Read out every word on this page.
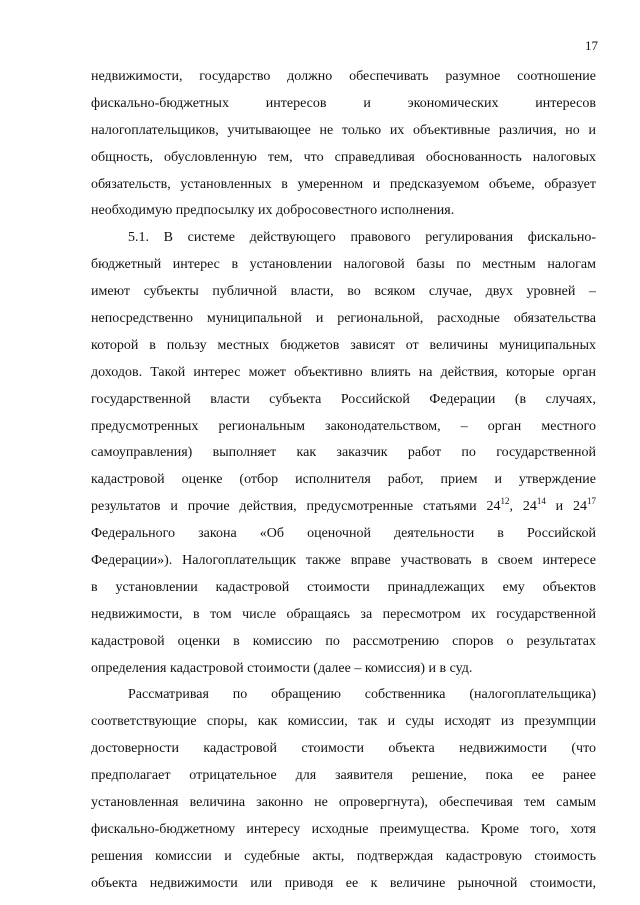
17
недвижимости, государство должно обеспечивать разумное соотношение
фискально-бюджетных интересов и экономических интересов
налогоплательщиков, учитывающее не только их объективные различия, но и
общность, обусловленную тем, что справедливая обоснованность налоговых
обязательств, установленных в умеренном и предсказуемом объеме, образует
необходимую предпосылку их добросовестного исполнения.
5.1. В системе действующего правового регулирования фискально-
бюджетный интерес в установлении налоговой базы по местным налогам
имеют субъекты публичной власти, во всяком случае, двух уровней –
непосредственно муниципальной и региональной, расходные обязательства
которой в пользу местных бюджетов зависят от величины муниципальных
доходов. Такой интерес может объективно влиять на действия, которые орган
государственной власти субъекта Российской Федерации (в случаях,
предусмотренных региональным законодательством, – орган местного
самоуправления) выполняет как заказчик работ по государственной
кадастровой оценке (отбор исполнителя работ, прием и утверждение
результатов и прочие действия, предусмотренные статьями $24^{12}$, $24^{14}$ и $24^{17}$
Федерального закона «Об оценочной деятельности в Российской
Федерации»). Налогоплательщик также вправе участвовать в своем интересе
в установлении кадастровой стоимости принадлежащих ему объектов
недвижимости, в том числе обращаясь за пересмотром их государственной
кадастровой оценки в комиссию по рассмотрению споров о результатах
определения кадастровой стоимости (далее – комиссия) и в суд.
Рассматривая по обращению собственника (налогоплательщика)
соответствующие споры, как комиссии, так и суды исходят из презумпции
достоверности кадастровой стоимости объекта недвижимости (что
предполагает отрицательное для заявителя решение, пока ее ранее
установленная величина законно не опровергнута), обеспечивая тем самым
фискально-бюджетному интересу исходные преимущества. Кроме того, хотя
решения комиссии и судебные акты, подтверждая кадастровую стоимость
объекта недвижимости или приводя ее к величине рыночной стоимости,
